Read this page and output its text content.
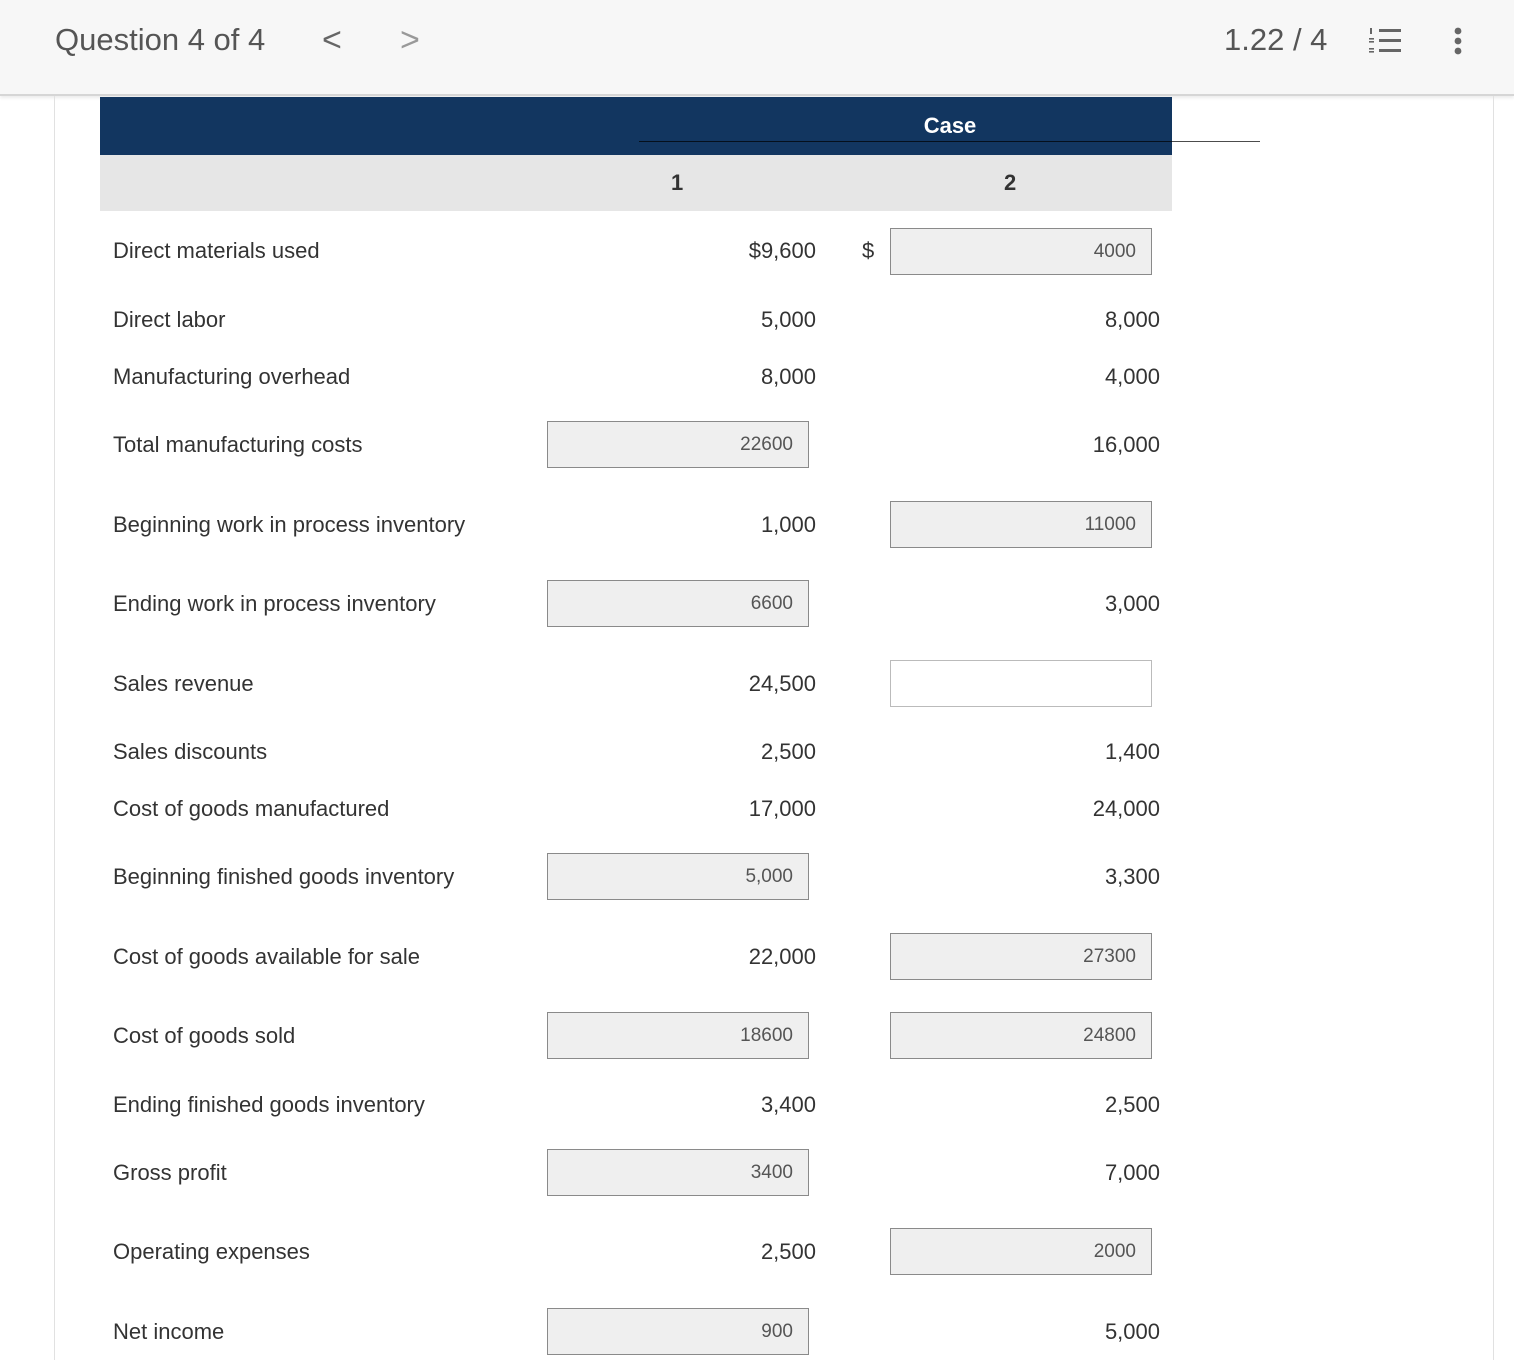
Question 4 of 4 < >	1.22 / 4
Case
1	2
Direct materials used	$9,600 $	4000
Direct labor	5,000	8,000
Manufacturing overhead	8,000	4,000
Total manufacturing costs	22600	16,000
Beginning work in process inventory	1,000	11000
Ending work in process inventory	6600	3,000
Sales revenue	24,500
Sales discounts	2,500	1,400
Cost of goods manufactured	17,000	24,000
Beginning finished goods inventory	5,000	3,300
Cost of goods available for sale	22,000	27300
Cost of goods sold	18600	24800
Ending finished goods inventory	3,400	2,500
Gross profit	3400	7,000
Operating expenses	2,500	2000
Net income	900	5,000
